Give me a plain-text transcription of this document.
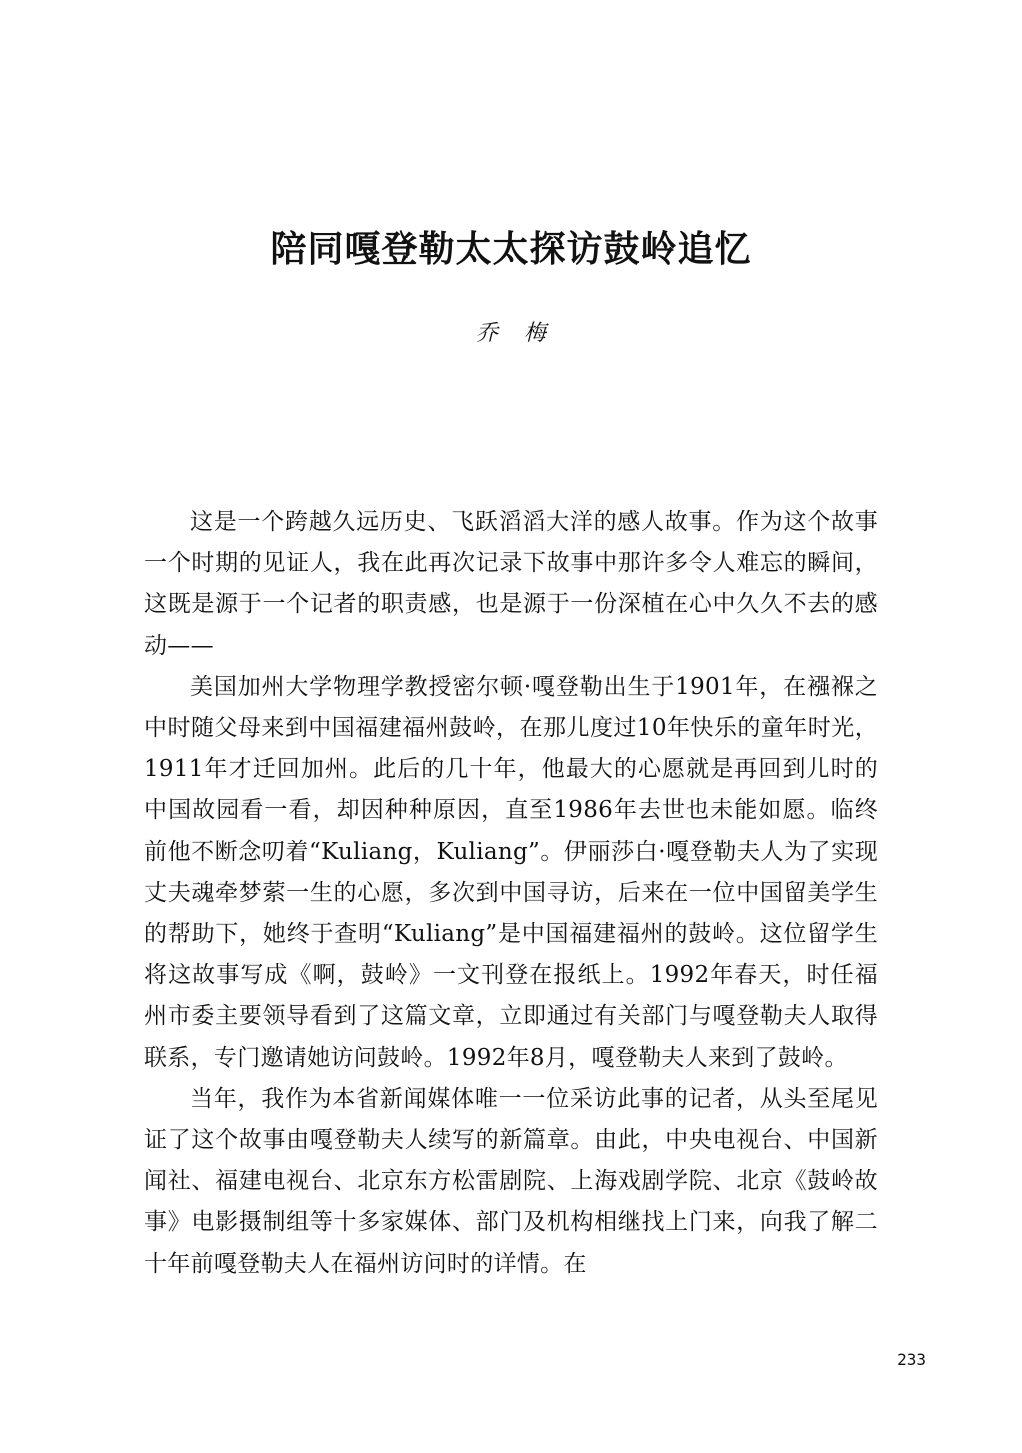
陪同嘎登勒太太探访鼓岭追忆
乔梅

这是一个跨越久远历史、飞跃滔滔大洋的感人故事。作为这个故事一个时期的见证人，我在此再次记录下故事中那许多令人难忘的瞬间，这既是源于一个记者的职责感，也是源于一份深植在心中久久不去的感动——

美国加州大学物理学教授密尔顿·嘎登勒出生于1901年，在襁褓之中时随父母来到中国福建福州鼓岭，在那儿度过10年快乐的童年时光，1911年才迁回加州。此后的几十年，他最大的心愿就是再回到儿时的中国故园看一看，却因种种原因，直至1986年去世也未能如愿。临终前他不断念叨着“Kuliang，Kuliang”。伊丽莎白·嘎登勒夫人为了实现丈夫魂牵梦萦一生的心愿，多次到中国寻访，后来在一位中国留美学生的帮助下，她终于查明“Kuliang”是中国福建福州的鼓岭。这位留学生将这故事写成《啊，鼓岭》一文刊登在报纸上。1992年春天，时任福州市委主要领导看到了这篇文章，立即通过有关部门与嘎登勒夫人取得联系，专门邀请她访问鼓岭。1992年8月，嘎登勒夫人来到了鼓岭。

当年，我作为本省新闻媒体唯一一位采访此事的记者，从头至尾见证了这个故事由嘎登勒夫人续写的新篇章。由此，中央电视台、中国新闻社、福建电视台、北京东方松雷剧院、上海戏剧学院、北京《鼓岭故事》电影摄制组等十多家媒体、部门及机构相继找上门来，向我了解二十年前嘎登勒夫人在福州访问时的详情。在

233
